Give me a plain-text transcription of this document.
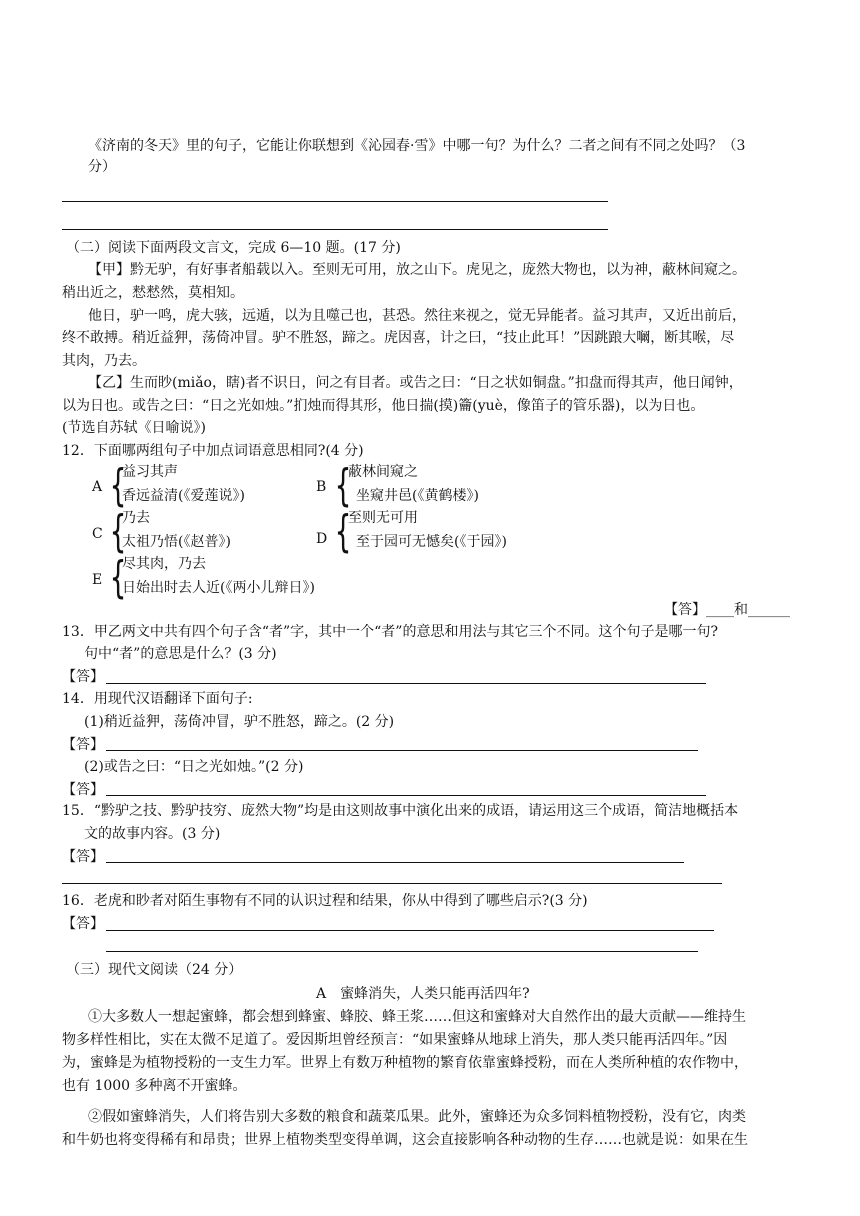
《济南的冬天》里的句子，它能让你联想到《沁园春·雪》中哪一句？为什么？二者之间有不同之处吗？（3
分）
（二）阅读下面两段文言文，完成 6—10 题。(17 分)
【甲】黔无驴，有好事者船载以入。至则无可用，放之山下。虎见之，庞然大物也，以为神，蔽林间窥之。
稍出近之，慭慭然，莫相知。
他日，驴一鸣，虎大骇，远遁，以为且噬己也，甚恐。然往来视之，觉无异能者。益习其声，又近出前后，
终不敢搏。稍近益狎，荡倚冲冒。驴不胜怒，蹄之。虎因喜，计之曰，“技止此耳！”因跳踉大㘎，断其喉，尽
其肉，乃去。
【乙】生而眇(miǎo，瞎)者不识日，问之有目者。或告之曰：“日之状如铜盘。”扣盘而得其声，他日闻钟，
以为日也。或告之曰：“日之光如烛。”扪烛而得其形，他日揣(摸)籥(yuè，像笛子的管乐器)，以为日也。
(节选自苏轼《日喻说》)
12．下面哪两组句子中加点词语意思相同?(4 分)
A {
益习其声
香远益清(《爱莲说》)
B {
蔽林间窥之
坐窥井邑(《黄鹤楼》)
C {
乃去
太祖乃悟(《赵普》)	D {
至则无可用
至于园可无憾矣(《于园》)
E {
尽其肉，乃去
日始出时去人近(《两小儿辩日》)
【答】____和______
13．甲乙两文中共有四个句子含“者”字，其中一个“者”的意思和用法与其它三个不同。这个句子是哪一句?
句中“者”的意思是什么？(3 分)
【答】
14．用现代汉语翻译下面句子:
(1)稍近益狎，荡倚冲冒，驴不胜怒，蹄之。(2 分)
【答】
(2)或告之曰：“日之光如烛。”(2 分)
【答】
15．“黔驴之技、黔驴技穷、庞然大物”均是由这则故事中演化出来的成语，请运用这三个成语，简洁地概括本
文的故事内容。(3 分)
【答】
16．老虎和眇者对陌生事物有不同的认识过程和结果，你从中得到了哪些启示?(3 分)
【答】
（三）现代文阅读（24 分）
A　蜜蜂消失，人类只能再活四年?
①大多数人一想起蜜蜂，都会想到蜂蜜、蜂胶、蜂王浆……但这和蜜蜂对大自然作出的最大贡献——维持生
物多样性相比，实在太微不足道了。爱因斯坦曾经预言：“如果蜜蜂从地球上消失，那人类只能再活四年。”因
为，蜜蜂是为植物授粉的一支生力军。世界上有数万种植物的繁育依靠蜜蜂授粉，而在人类所种植的农作物中，
也有 1000 多种离不开蜜蜂。
②假如蜜蜂消失，人们将告别大多数的粮食和蔬菜瓜果。此外，蜜蜂还为众多饲料植物授粉，没有它，肉类
和牛奶也将变得稀有和昂贵；世界上植物类型变得单调，这会直接影响各种动物的生存……也就是说：如果在生
